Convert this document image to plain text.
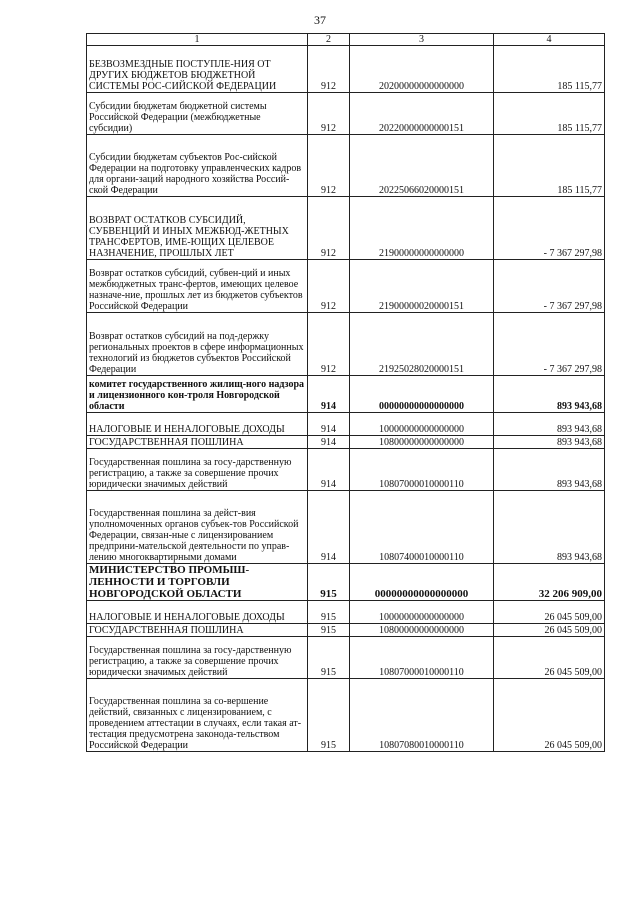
37
1	2	3	4
БЕЗВОЗМЕЗДНЫЕ ПОСТУПЛЕ-НИЯ ОТ ДРУГИХ БЮДЖЕТОВ БЮДЖЕТНОЙ СИСТЕМЫ РОС-СИЙСКОЙ ФЕДЕРАЦИИ	912	20200000000000000	185 115,77
Субсидии бюджетам бюджетной системы Российской Федерации (межбюджетные субсидии)	912	20220000000000151	185 115,77
Субсидии бюджетам субъектов Рос-сийской Федерации на подготовку управленческих кадров для органи-заций народного хозяйства Россий-ской Федерации	912	20225066020000151	185 115,77
ВОЗВРАТ ОСТАТКОВ СУБСИДИЙ, СУБВЕНЦИЙ И ИНЫХ МЕЖБЮД-ЖЕТНЫХ ТРАНСФЕРТОВ, ИМЕ-ЮЩИХ ЦЕЛЕВОЕ НАЗНАЧЕНИЕ, ПРОШЛЫХ ЛЕТ	912	21900000000000000	- 7 367 297,98
Возврат остатков субсидий, субвен-ций и иных межбюджетных транс-фертов, имеющих целевое назначе-ние, прошлых лет из бюджетов субъектов Российской Федерации	912	21900000020000151	- 7 367 297,98
Возврат остатков субсидий на под-держку региональных проектов в сфере информационных технологий из бюджетов субъектов Российской Федерации	912	21925028020000151	- 7 367 297,98
комитет государственного жилищ-ного надзора и лицензионного кон-троля Новгородской области	914	00000000000000000	893 943,68
НАЛОГОВЫЕ И НЕНАЛОГОВЫЕ ДОХОДЫ	914	10000000000000000	893 943,68
ГОСУДАРСТВЕННАЯ ПОШЛИНА	914	10800000000000000	893 943,68
Государственная пошлина за госу-дарственную регистрацию, а также за совершение прочих юридически значимых действий	914	10807000010000110	893 943,68
Государственная пошлина за дейст-вия уполномоченных органов субъек-тов Российской Федерации, связан-ные с лицензированием предприни-мательской деятельности по управ-лению многоквартирными домами	914	10807400010000110	893 943,68
МИНИСТЕРСТВО ПРОМЫШ-ЛЕННОСТИ И ТОРГОВЛИ НОВГОРОДСКОЙ ОБЛАСТИ	915	00000000000000000	32 206 909,00
НАЛОГОВЫЕ И НЕНАЛОГОВЫЕ ДОХОДЫ	915	10000000000000000	26 045 509,00
ГОСУДАРСТВЕННАЯ ПОШЛИНА	915	10800000000000000	26 045 509,00
Государственная пошлина за госу-дарственную регистрацию, а также за совершение прочих юридически значимых действий	915	10807000010000110	26 045 509,00
Государственная пошлина за со-вершение действий, связанных с лицензированием, с проведением аттестации в случаях, если такая ат-тестация предусмотрена законода-тельством Российской Федерации	915	10807080010000110	26 045 509,00
